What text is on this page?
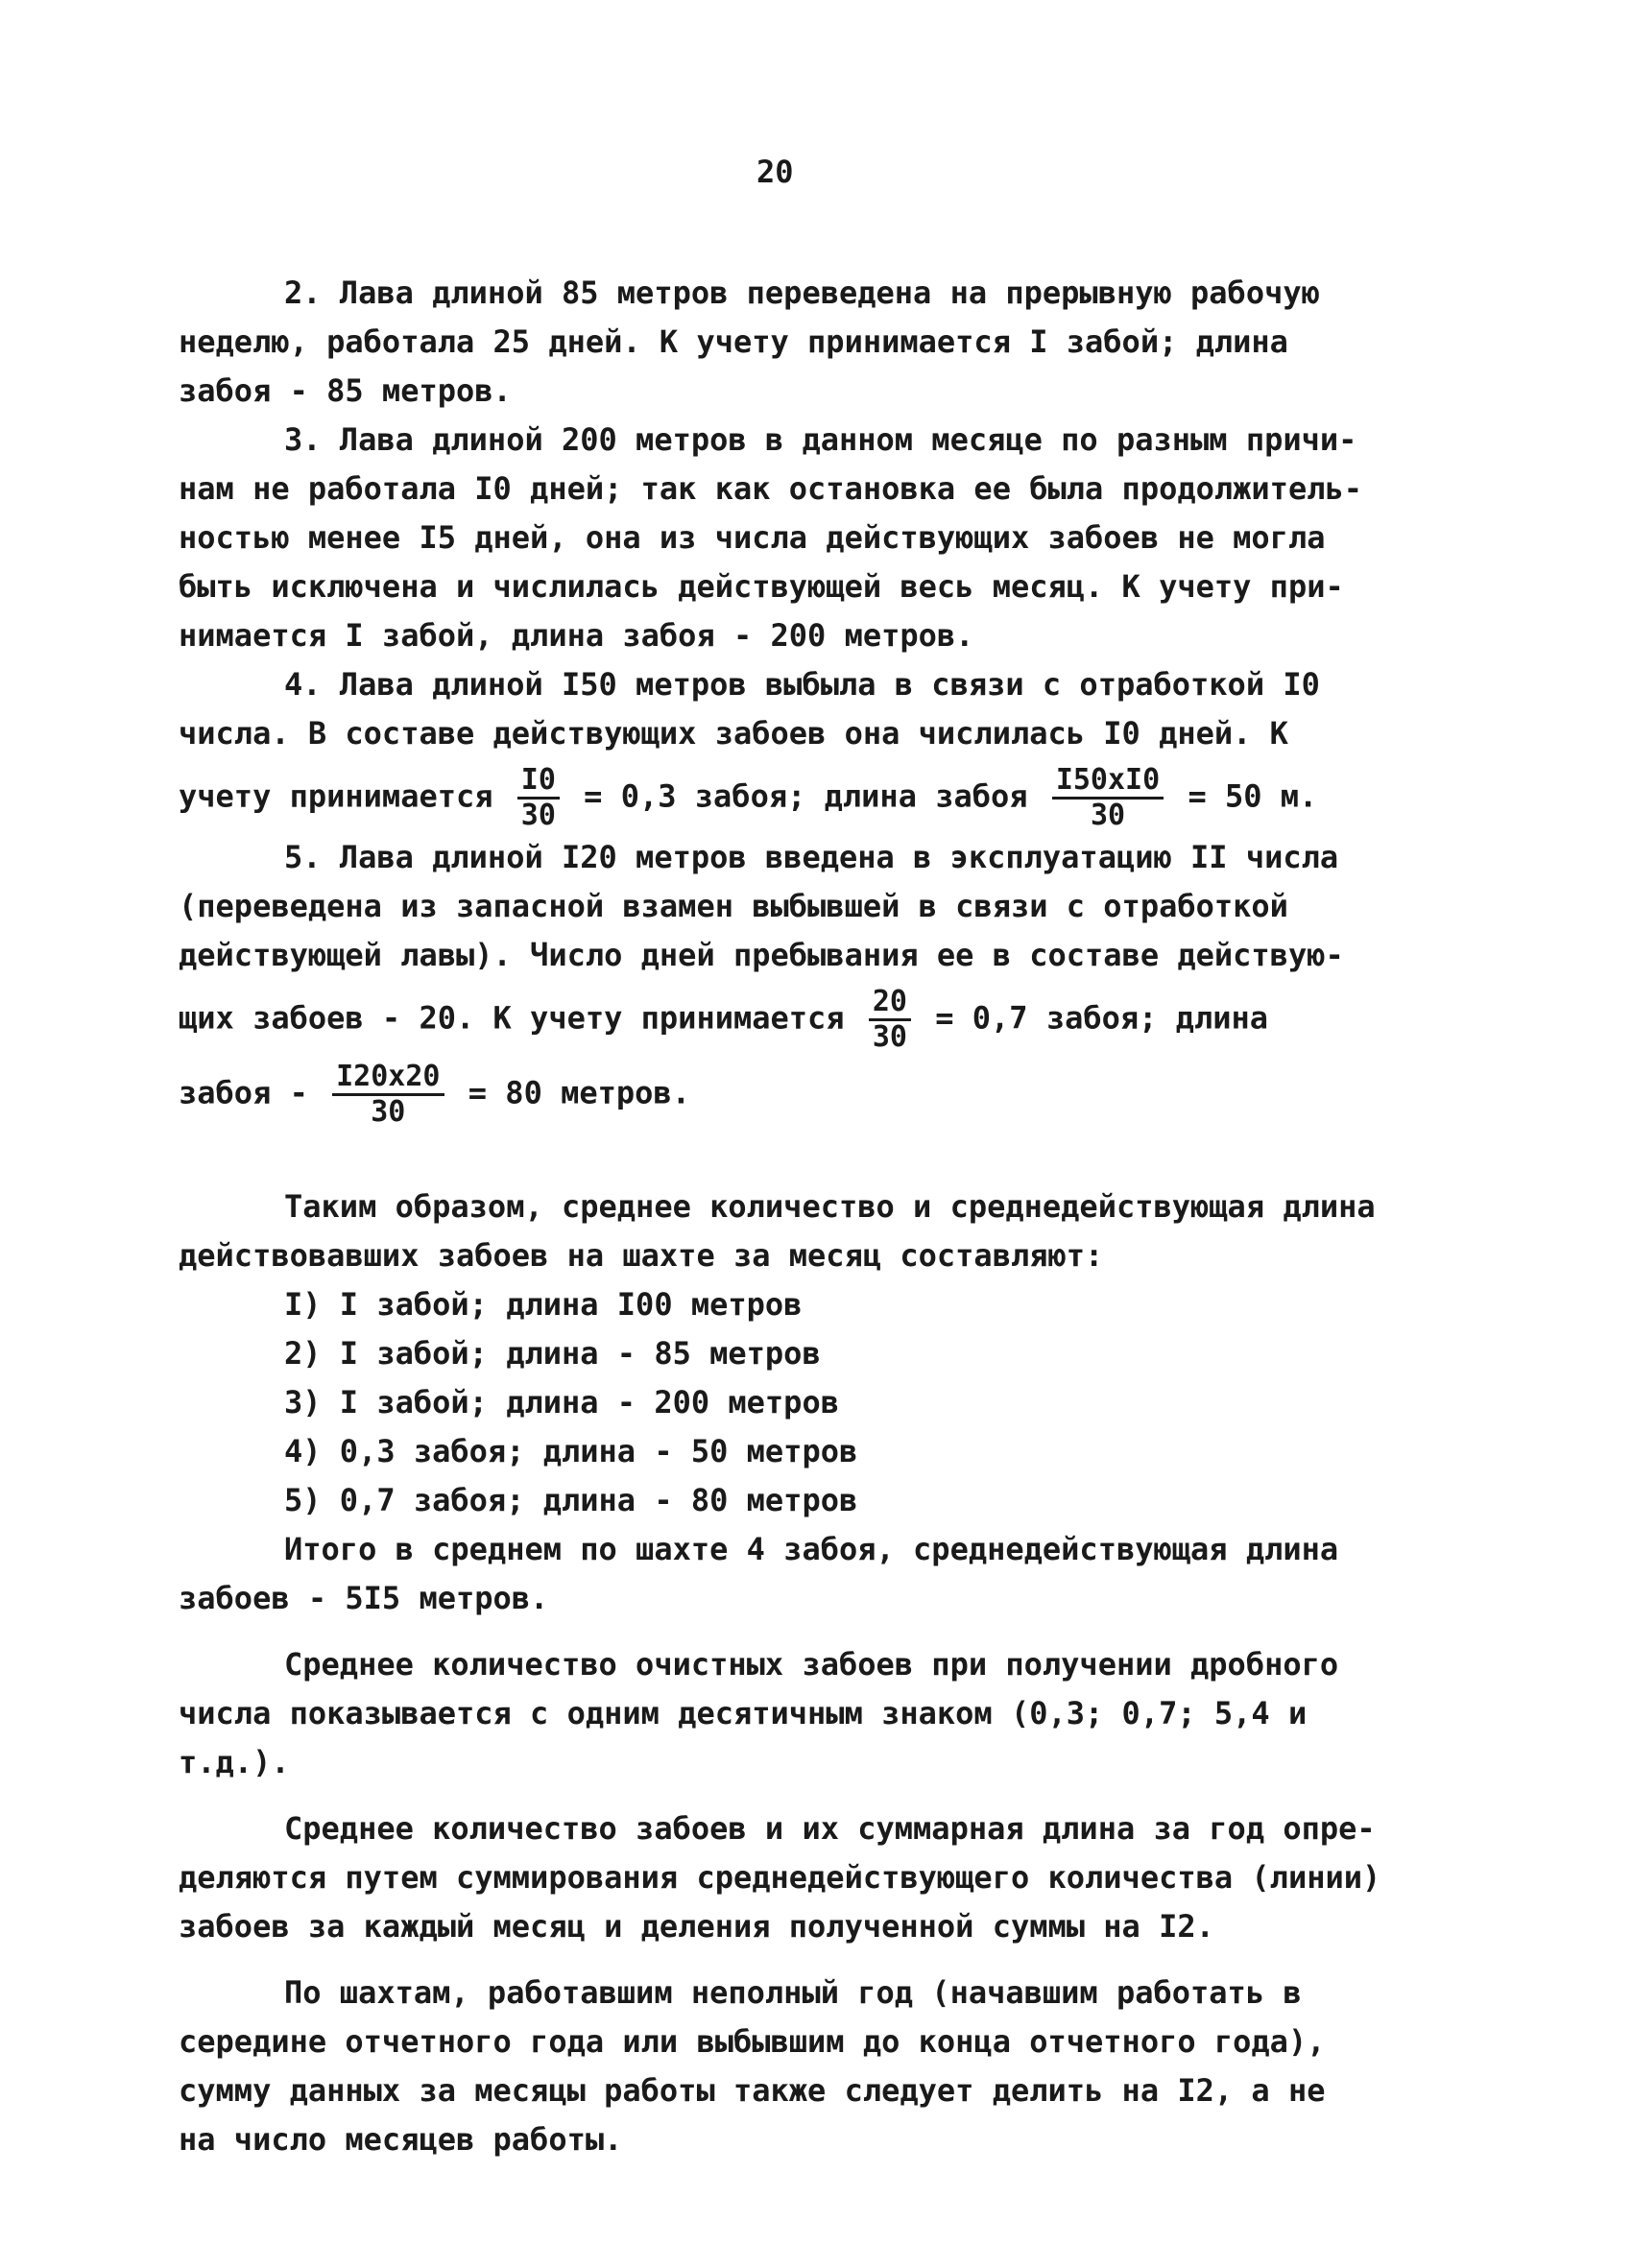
20
2. Лава длиной 85 метров переведена на прерывную рабочую
неделю, работала 25 дней. К учету принимается I забой; длина
забоя - 85 метров.
3. Лава длиной 200 метров в данном месяце по разным причи-
нам не работала I0 дней; так как остановка ее была продолжитель-
ностью менее I5 дней, она из числа действующих забоев не могла
быть исключена и числилась действующей весь месяц. К учету при-
нимается I забой, длина забоя - 200 метров.
4. Лава длиной I50 метров выбыла в связи с отработкой I0
числа. В составе действующих забоев она числилась I0 дней. К
учету принимается $\frac{I0}{30} = 0,3$ забоя; длина забоя $\frac{I50xI0}{30} = 50$ м.
5. Лава длиной I20 метров введена в эксплуатацию II числа
(переведена из запасной взамен выбывшей в связи с отработкой
действующей лавы). Число дней пребывания ее в составе действую-
щих забоев - 20. К учету принимается $\frac{20}{30} = 0,7$ забоя; длина
забоя - $\frac{I20x20}{30} = 80$ метров.
Таким образом, среднее количество и среднедействующая длина
действовавших забоев на шахте за месяц составляют:
I) I забой; длина I00 метров
2) I забой; длина - 85 метров
3) I забой; длина - 200 метров
4) 0,3 забоя; длина - 50 метров
5) 0,7 забоя; длина - 80 метров
Итого в среднем по шахте 4 забоя, среднедействующая длина
забоев - 5I5 метров.
Среднее количество очистных забоев при получении дробного
числа показывается с одним десятичным знаком (0,3; 0,7; 5,4 и
т.д.).
Среднее количество забоев и их суммарная длина за год опре-
деляются путем суммирования среднедействующего количества (линии)
забоев за каждый месяц и деления полученной суммы на I2.
По шахтам, работавшим неполный год (начавшим работать в
середине отчетного года или выбывшим до конца отчетного года),
сумму данных за месяцы работы также следует делить на I2, а не
на число месяцев работы.
